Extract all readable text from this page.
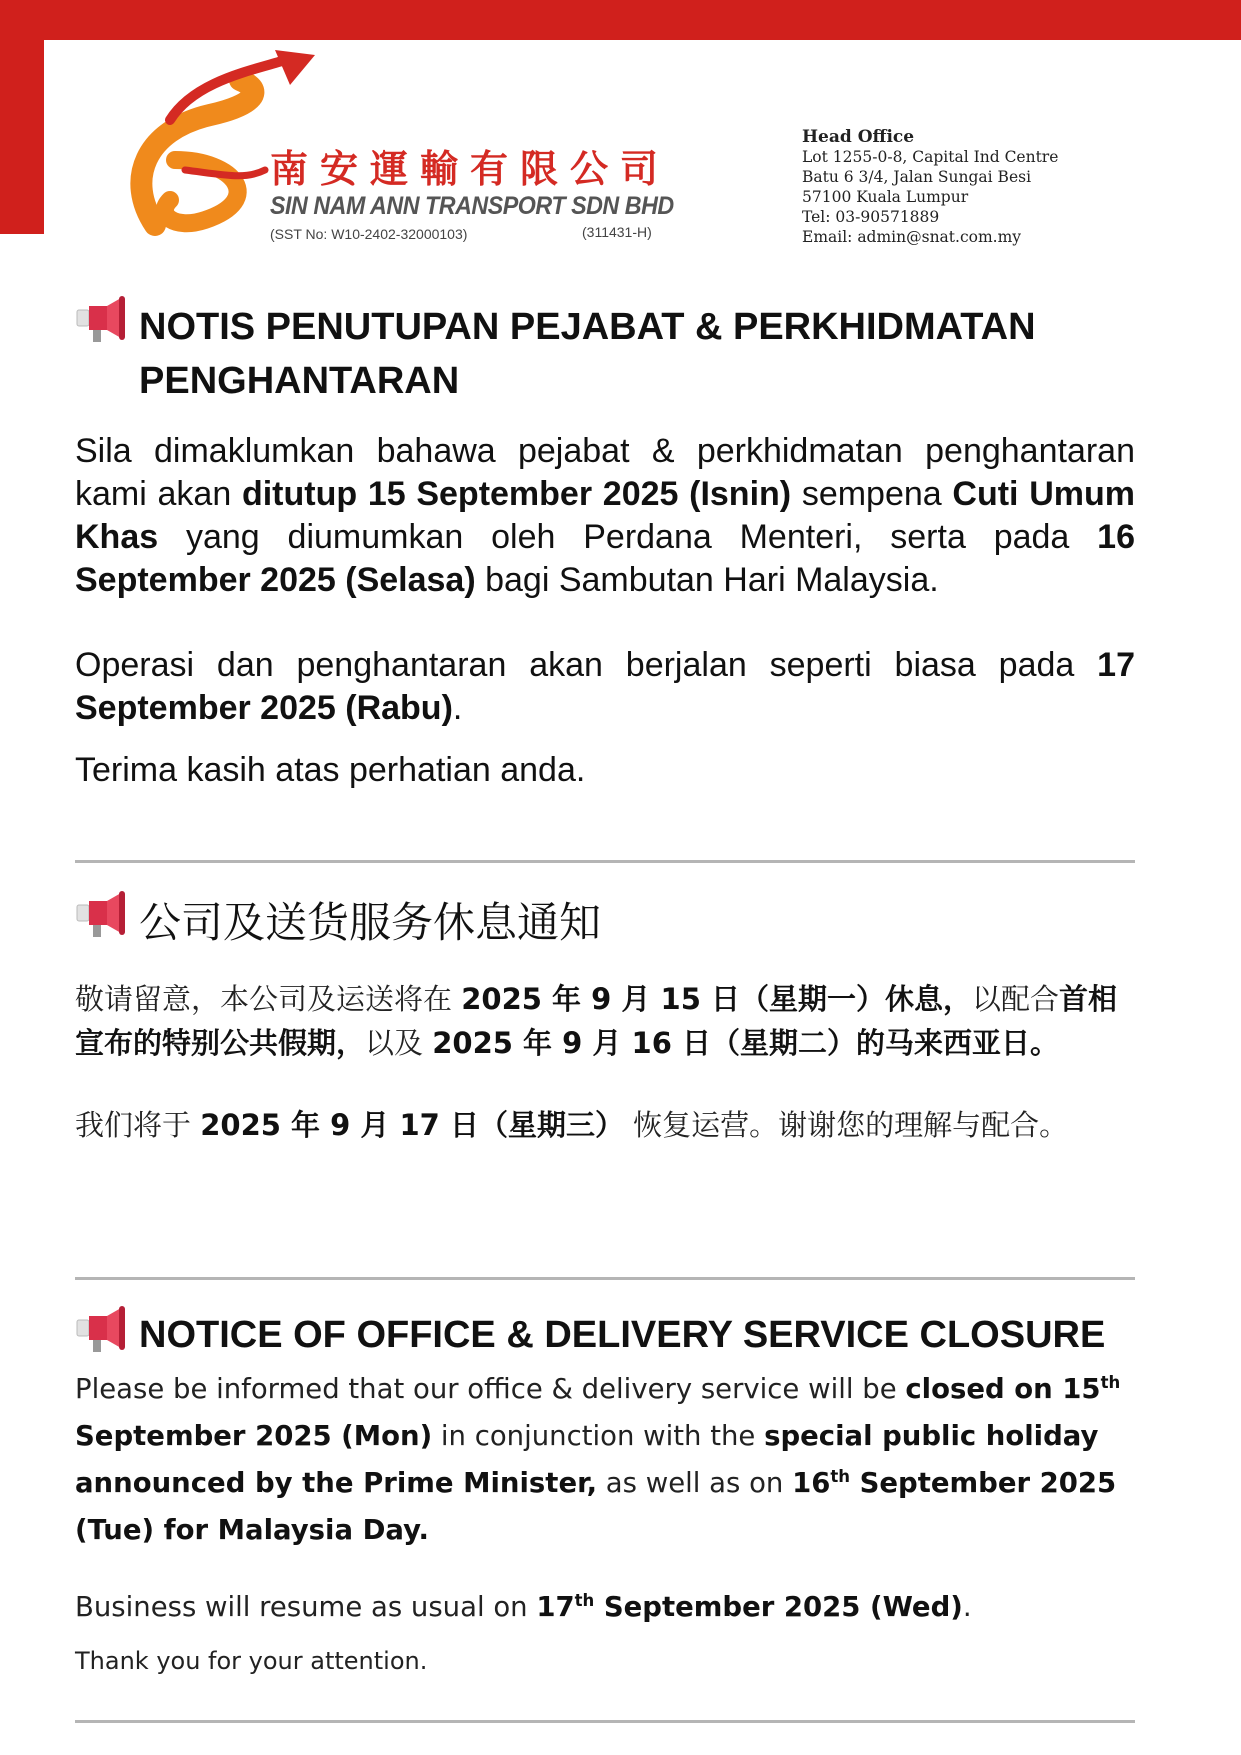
南安運輸有限公司
SIN NAM ANN TRANSPORT SDN BHD
(SST No: W10-2402-32000103)	(311431-H)
Head Office
Lot 1255-0-8, Capital Ind Centre
Batu 6 3/4, Jalan Sungai Besi
57100 Kuala Lumpur
Tel: 03-90571889
Email: admin@snat.com.my
NOTIS PENUTUPAN PEJABAT & PERKHIDMATAN PENGHANTARAN

Sila dimaklumkan bahawa pejabat & perkhidmatan penghantaran kami akan ditutup 15 September 2025 (Isnin) sempena Cuti Umum Khas yang diumumkan oleh Perdana Menteri, serta pada 16 September 2025 (Selasa) bagi Sambutan Hari Malaysia.

Operasi dan penghantaran akan berjalan seperti biasa pada 17 September 2025 (Rabu).

Terima kasih atas perhatian anda.

公司及送货服务休息通知

敬请留意，本公司及运送将在 2025 年 9 月 15 日（星期一）休息，以配合首相宣布的特别公共假期，以及 2025 年 9 月 16 日（星期二）的马来西亚日。

我们将于 2025 年 9 月 17 日（星期三） 恢复运营。谢谢您的理解与配合。

NOTICE OF OFFICE & DELIVERY SERVICE CLOSURE

Please be informed that our office & delivery service will be closed on 15th September 2025 (Mon) in conjunction with the special public holiday announced by the Prime Minister, as well as on 16th September 2025 (Tue) for Malaysia Day.

Business will resume as usual on 17th September 2025 (Wed).

Thank you for your attention.
